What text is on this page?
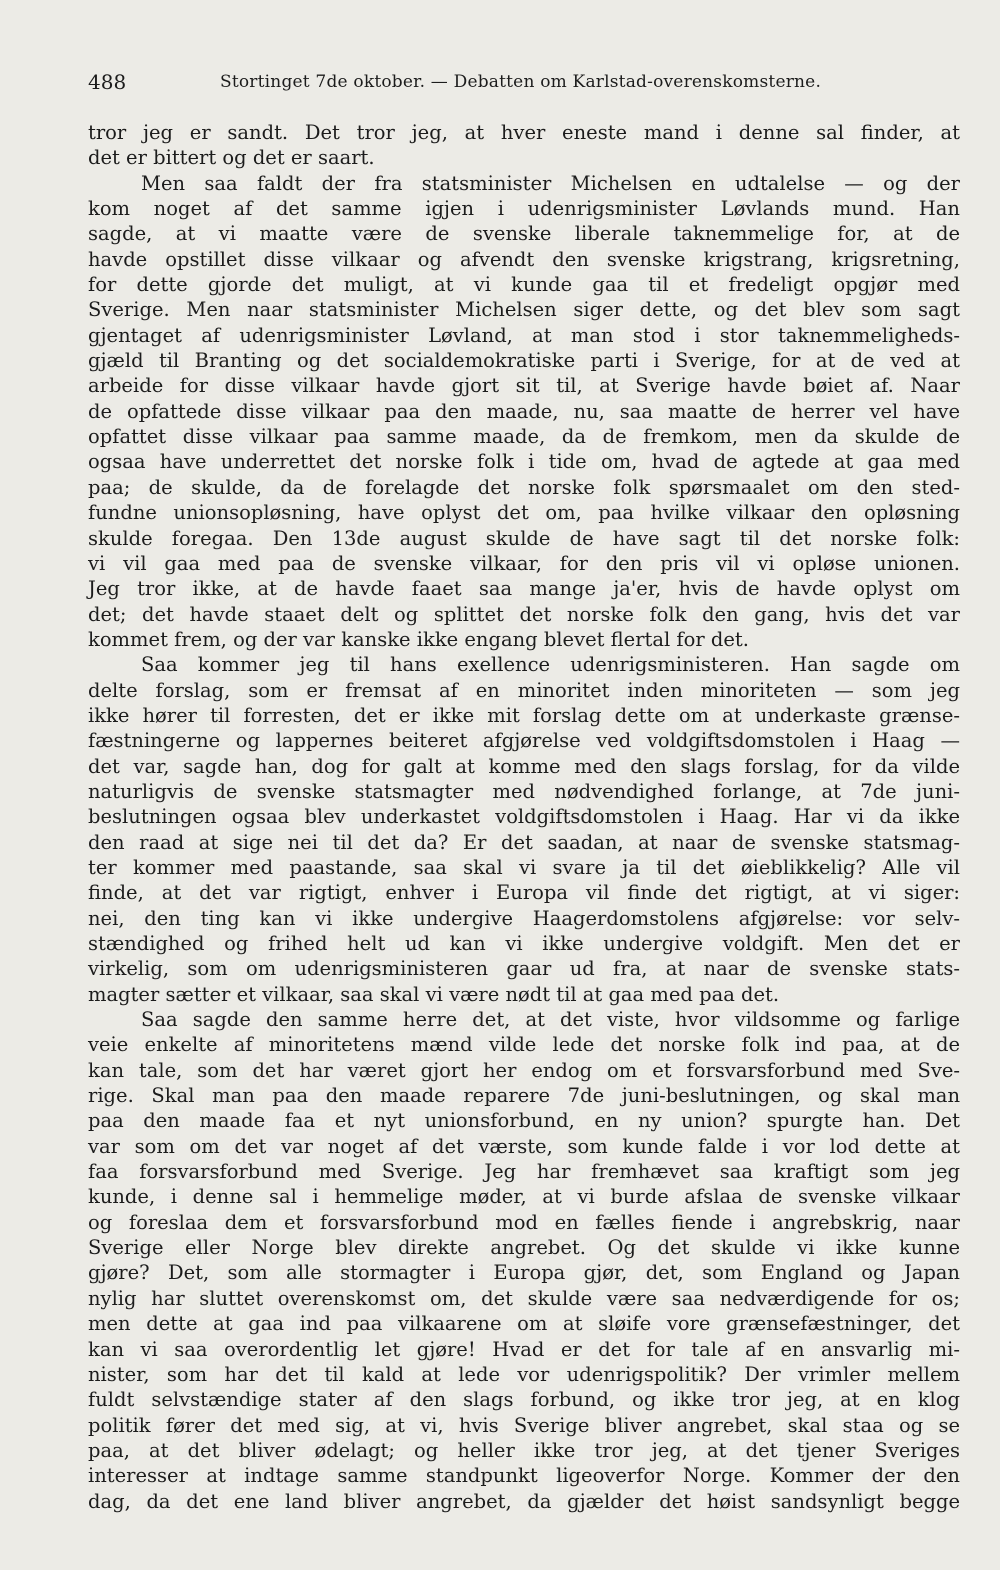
488	Stortinget 7de oktober. — Debatten om Karlstad-overenskomsterne.
tror jeg er sandt. Det tror jeg, at hver eneste mand i denne sal finder, at
det er bittert og det er saart.
Men saa faldt der fra statsminister Michelsen en udtalelse — og der
kom noget af det samme igjen i udenrigsminister Løvlands mund. Han
sagde, at vi maatte være de svenske liberale taknemmelige for, at de
havde opstillet disse vilkaar og afvendt den svenske krigstrang, krigsretning,
for dette gjorde det muligt, at vi kunde gaa til et fredeligt opgjør med
Sverige. Men naar statsminister Michelsen siger dette, og det blev som sagt
gjentaget af udenrigsminister Løvland, at man stod i stor taknemmeligheds-
gjæld til Branting og det socialdemokratiske parti i Sverige, for at de ved at
arbeide for disse vilkaar havde gjort sit til, at Sverige havde bøiet af. Naar
de opfattede disse vilkaar paa den maade, nu, saa maatte de herrer vel have
opfattet disse vilkaar paa samme maade, da de fremkom, men da skulde de
ogsaa have underrettet det norske folk i tide om, hvad de agtede at gaa med
paa; de skulde, da de forelagde det norske folk spørsmaalet om den sted-
fundne unionsopløsning, have oplyst det om, paa hvilke vilkaar den opløsning
skulde foregaa. Den 13de august skulde de have sagt til det norske folk:
vi vil gaa med paa de svenske vilkaar, for den pris vil vi opløse unionen.
Jeg tror ikke, at de havde faaet saa mange ja'er, hvis de havde oplyst om
det; det havde staaet delt og splittet det norske folk den gang, hvis det var
kommet frem, og der var kanske ikke engang blevet flertal for det.
Saa kommer jeg til hans exellence udenrigsministeren. Han sagde om
delte forslag, som er fremsat af en minoritet inden minoriteten — som jeg
ikke hører til forresten, det er ikke mit forslag dette om at underkaste grænse-
fæstningerne og lappernes beiteret afgjørelse ved voldgiftsdomstolen i Haag —
det var, sagde han, dog for galt at komme med den slags forslag, for da vilde
naturligvis de svenske statsmagter med nødvendighed forlange, at 7de juni-
beslutningen ogsaa blev underkastet voldgiftsdomstolen i Haag. Har vi da ikke
den raad at sige nei til det da? Er det saadan, at naar de svenske statsmag-
ter kommer med paastande, saa skal vi svare ja til det øieblikkelig? Alle vil
finde, at det var rigtigt, enhver i Europa vil finde det rigtigt, at vi siger:
nei, den ting kan vi ikke undergive Haagerdomstolens afgjørelse: vor selv-
stændighed og frihed helt ud kan vi ikke undergive voldgift. Men det er
virkelig, som om udenrigsministeren gaar ud fra, at naar de svenske stats-
magter sætter et vilkaar, saa skal vi være nødt til at gaa med paa det.
Saa sagde den samme herre det, at det viste, hvor vildsomme og farlige
veie enkelte af minoritetens mænd vilde lede det norske folk ind paa, at de
kan tale, som det har været gjort her endog om et forsvarsforbund med Sve-
rige. Skal man paa den maade reparere 7de juni-beslutningen, og skal man
paa den maade faa et nyt unionsforbund, en ny union? spurgte han. Det
var som om det var noget af det værste, som kunde falde i vor lod dette at
faa forsvarsforbund med Sverige. Jeg har fremhævet saa kraftigt som jeg
kunde, i denne sal i hemmelige møder, at vi burde afslaa de svenske vilkaar
og foreslaa dem et forsvarsforbund mod en fælles fiende i angrebskrig, naar
Sverige eller Norge blev direkte angrebet. Og det skulde vi ikke kunne
gjøre? Det, som alle stormagter i Europa gjør, det, som England og Japan
nylig har sluttet overenskomst om, det skulde være saa nedværdigende for os;
men dette at gaa ind paa vilkaarene om at sløife vore grænsefæstninger, det
kan vi saa overordentlig let gjøre! Hvad er det for tale af en ansvarlig mi-
nister, som har det til kald at lede vor udenrigspolitik? Der vrimler mellem
fuldt selvstændige stater af den slags forbund, og ikke tror jeg, at en klog
politik fører det med sig, at vi, hvis Sverige bliver angrebet, skal staa og se
paa, at det bliver ødelagt; og heller ikke tror jeg, at det tjener Sveriges
interesser at indtage samme standpunkt ligeoverfor Norge. Kommer der den
dag, da det ene land bliver angrebet, da gjælder det høist sandsynligt begge
